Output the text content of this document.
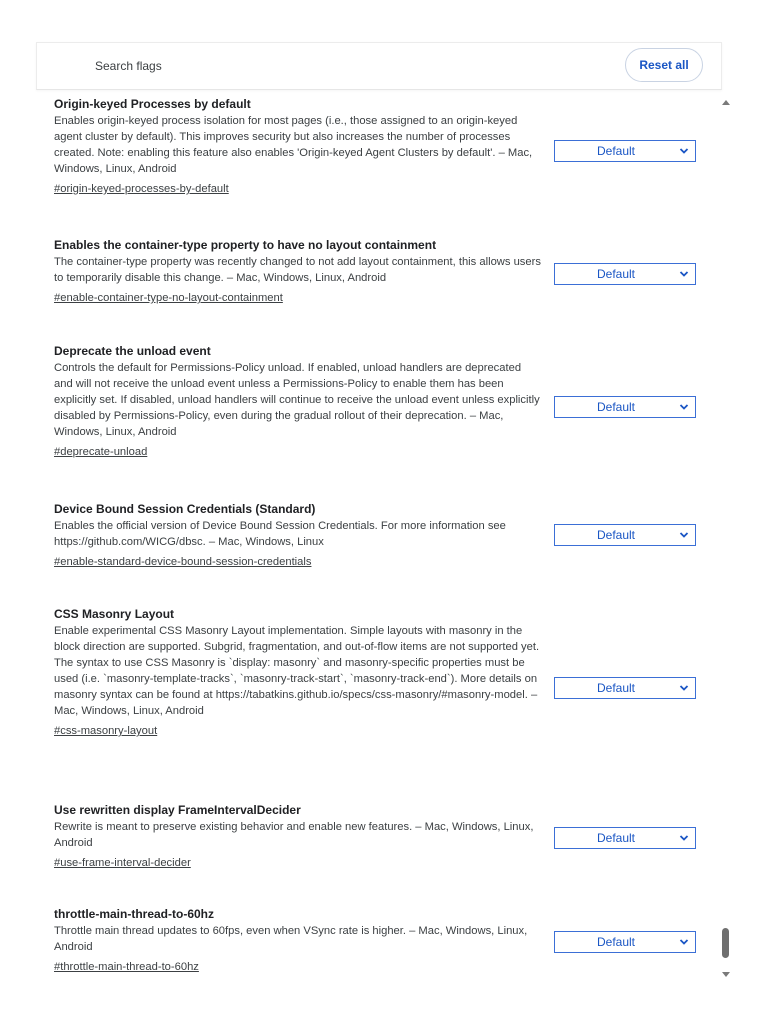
Search flags
Reset all
Origin-keyed Processes by default

Enables origin-keyed process isolation for most pages (i.e., those assigned to an origin-keyed agent cluster by default). This improves security but also increases the number of processes created. Note: enabling this feature also enables 'Origin-keyed Agent Clusters by default'. – Mac, Windows, Linux, Android

#origin-keyed-processes-by-default
Default
Enables the container-type property to have no layout containment

The container-type property was recently changed to not add layout containment, this allows users to temporarily disable this change. – Mac, Windows, Linux, Android

#enable-container-type-no-layout-containment
Default
Deprecate the unload event

Controls the default for Permissions-Policy unload. If enabled, unload handlers are deprecated and will not receive the unload event unless a Permissions-Policy to enable them has been explicitly set. If disabled, unload handlers will continue to receive the unload event unless explicitly disabled by Permissions-Policy, even during the gradual rollout of their deprecation. – Mac, Windows, Linux, Android

#deprecate-unload
Default
Device Bound Session Credentials (Standard)

Enables the official version of Device Bound Session Credentials. For more information see https://github.com/WICG/dbsc. – Mac, Windows, Linux

#enable-standard-device-bound-session-credentials
Default
CSS Masonry Layout

Enable experimental CSS Masonry Layout implementation. Simple layouts with masonry in the block direction are supported. Subgrid, fragmentation, and out-of-flow items are not supported yet. The syntax to use CSS Masonry is `display: masonry` and masonry-specific properties must be used (i.e. `masonry-template-tracks`, `masonry-track-start`, `masonry-track-end`). More details on masonry syntax can be found at https://tabatkins.github.io/specs/css-masonry/#masonry-model. – Mac, Windows, Linux, Android

#css-masonry-layout
Default
Use rewritten display FrameIntervalDecider

Rewrite is meant to preserve existing behavior and enable new features. – Mac, Windows, Linux, Android

#use-frame-interval-decider
Default
throttle-main-thread-to-60hz

Throttle main thread updates to 60fps, even when VSync rate is higher. – Mac, Windows, Linux, Android

#throttle-main-thread-to-60hz
Default
